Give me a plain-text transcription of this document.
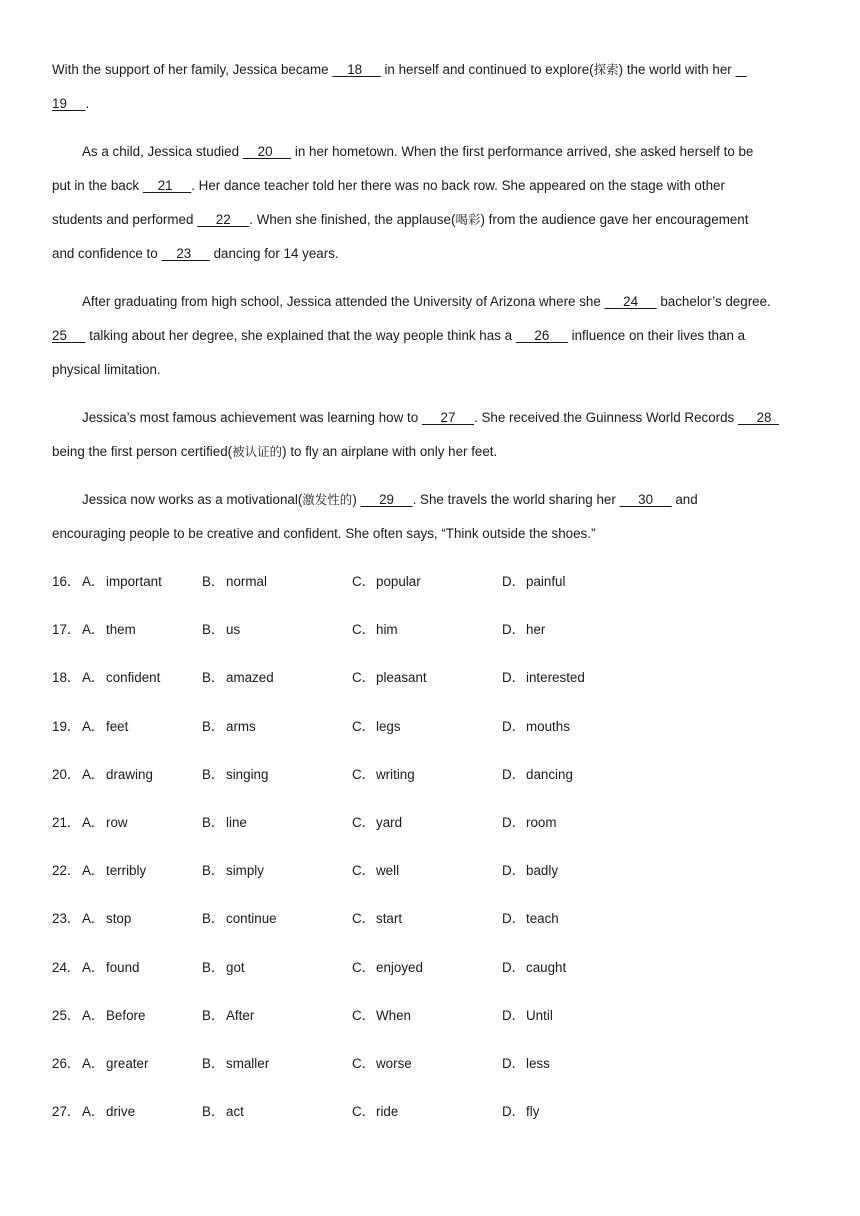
With the support of her family, Jessica became     18      in herself and continued to explore(探索) the world with her
19     .
As a child, Jessica studied     20      in her hometown. When the first performance arrived, she asked herself to be
put in the back     21     . Her dance teacher told her there was no back row. She appeared on the stage with other
students and performed      22     . When she finished, the applause(喝彩) from the audience gave her encouragement
and confidence to     23      dancing for 14 years.
After graduating from high school, Jessica attended the University of Arizona where she      24      bachelor’s degree.
25      talking about her degree, she explained that the way people think has a      26      influence on their lives than a
physical limitation.
Jessica’s most famous achievement was learning how to      27     . She received the Guinness World Records      28
being the first person certified(被认证的) to fly an airplane with only her feet.
Jessica now works as a motivational(激发性的)      29     . She travels the world sharing her      30      and
encouraging people to be creative and confident. She often says, “Think outside the shoes.”
16． A． important	B． normal	C．popular	D．painful
17． A． them	B． us	C．him	D．her
18． A． confident	B． amazed	C．pleasant	D．interested
19． A． feet	B． arms	C．legs	D．mouths
20． A． drawing	B． singing	C．writing	D．dancing
21． A． row	B． line	C．yard	D．room
22． A． terribly	B． simply	C．well	D．badly
23． A． stop	B． continue	C．start	D．teach
24． A． found	B． got	C．enjoyed	D．caught
25． A． Before	B． After	C．When	D．Until
26． A． greater	B． smaller	C．worse	D．less
27． A． drive	B． act	C．ride	D．fly
